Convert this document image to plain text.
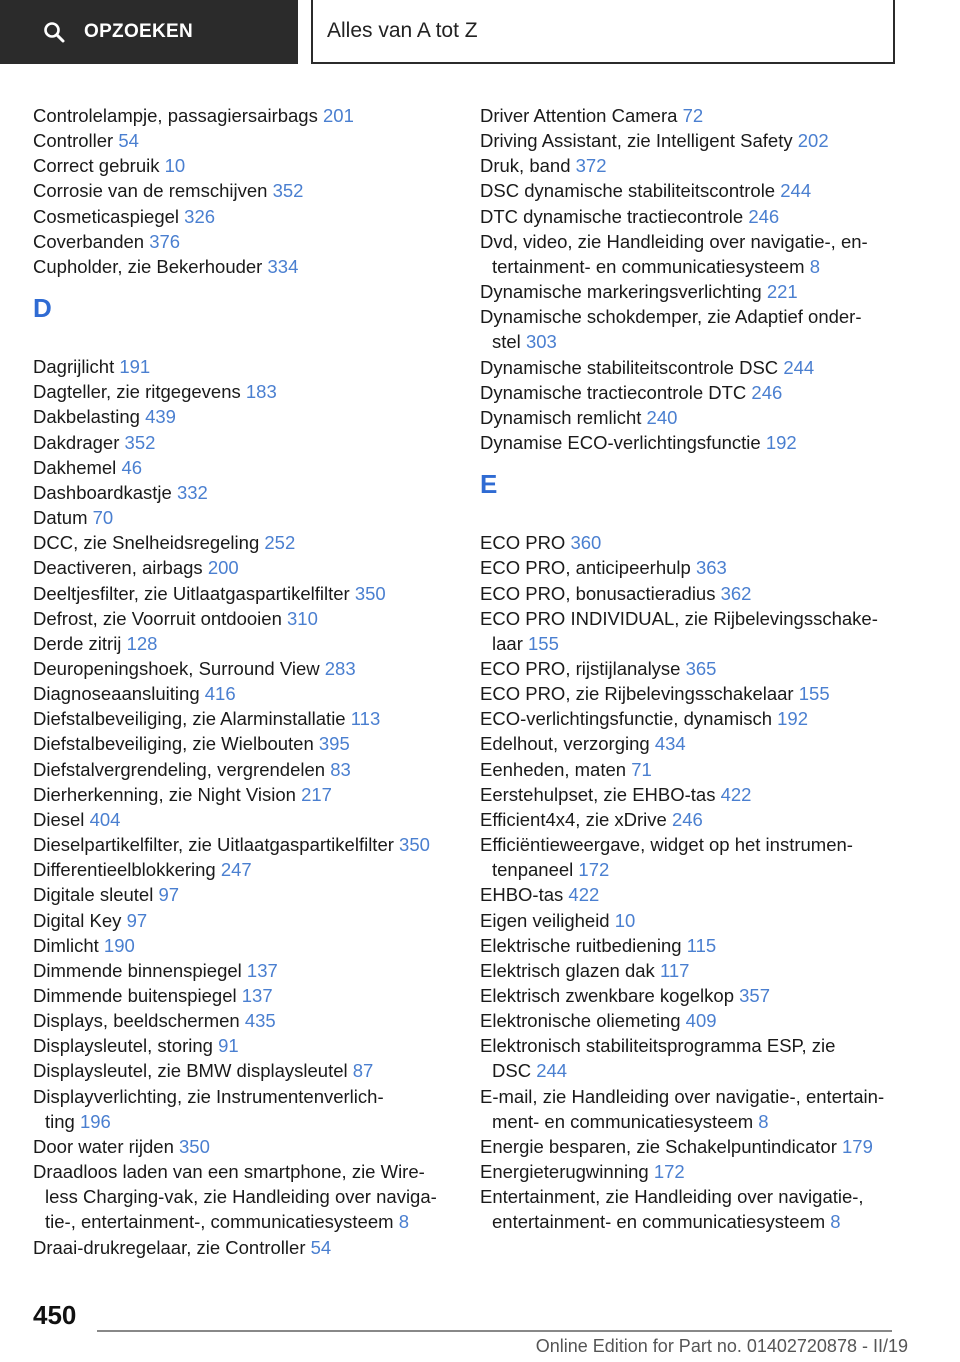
OPZOEKEN	Alles van A tot Z
Controlelampje, passagiersairbags 201
Controller 54
Correct gebruik 10
Corrosie van de remschijven 352
Cosmeticaspiegel 326
Coverbanden 376
Cupholder, zie Bekerhouder 334
D
Dagrijlicht 191
Dagteller, zie ritgegevens 183
Dakbelasting 439
Dakdrager 352
Dakhemel 46
Dashboardkastje 332
Datum 70
DCC, zie Snelheidsregeling 252
Deactiveren, airbags 200
Deeltjesfilter, zie Uitlaatgaspartikelfilter 350
Defrost, zie Voorruit ontdooien 310
Derde zitrij 128
Deuropeningshoek, Surround View 283
Diagnoseaansluiting 416
Diefstalbeveiliging, zie Alarminstallatie 113
Diefstalbeveiliging, zie Wielbouten 395
Diefstalvergrendeling, vergrendelen 83
Dierherkenning, zie Night Vision 217
Diesel 404
Dieselpartikelfilter, zie Uitlaatgaspartikelfilter 350
Differentieelblokkering 247
Digitale sleutel 97
Digital Key 97
Dimlicht 190
Dimmende binnenspiegel 137
Dimmende buitenspiegel 137
Displays, beeldschermen 435
Displaysleutel, storing 91
Displaysleutel, zie BMW displaysleutel 87
Displayverlichting, zie Instrumentenverlich-
ting 196
Door water rijden 350
Draadloos laden van een smartphone, zie Wire-
less Charging-vak, zie Handleiding over naviga-
tie-, entertainment-, communicatiesysteem 8
Draai-drukregelaar, zie Controller 54
Driver Attention Camera 72
Driving Assistant, zie Intelligent Safety 202
Druk, band 372
DSC dynamische stabiliteitscontrole 244
DTC dynamische tractiecontrole 246
Dvd, video, zie Handleiding over navigatie-, en-
tertainment- en communicatiesysteem 8
Dynamische markeringsverlichting 221
Dynamische schokdemper, zie Adaptief onder-
stel 303
Dynamische stabiliteitscontrole DSC 244
Dynamische tractiecontrole DTC 246
Dynamisch remlicht 240
Dynamise ECO-verlichtingsfunctie 192
E
ECO PRO 360
ECO PRO, anticipeerhulp 363
ECO PRO, bonusactieradius 362
ECO PRO INDIVIDUAL, zie Rijbelevingsschake-
laar 155
ECO PRO, rijstijlanalyse 365
ECO PRO, zie Rijbelevingsschakelaar 155
ECO-verlichtingsfunctie, dynamisch 192
Edelhout, verzorging 434
Eenheden, maten 71
Eerstehulpset, zie EHBO-tas 422
Efficient4x4, zie xDrive 246
Efficiëntieweergave, widget op het instrumen-
tenpaneel 172
EHBO-tas 422
Eigen veiligheid 10
Elektrische ruitbediening 115
Elektrisch glazen dak 117
Elektrisch zwenkbare kogelkop 357
Elektronische oliemeting 409
Elektronisch stabiliteitsprogramma ESP, zie
DSC 244
E-mail, zie Handleiding over navigatie-, entertain-
ment- en communicatiesysteem 8
Energie besparen, zie Schakelpuntindicator 179
Energieterugwinning 172
Entertainment, zie Handleiding over navigatie-,
entertainment- en communicatiesysteem 8
450
Online Edition for Part no. 01402720878 - II/19
